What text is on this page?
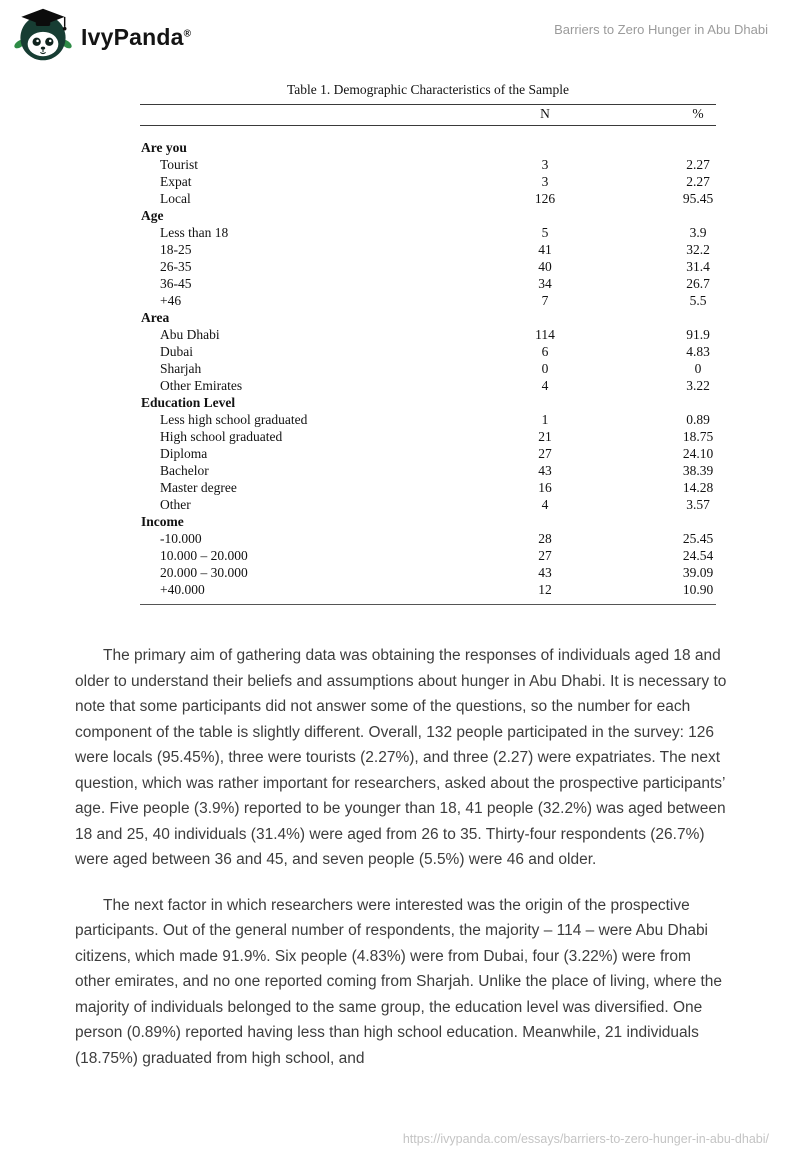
IvyPanda®	Barriers to Zero Hunger in Abu Dhabi
Table 1. Demographic Characteristics of the Sample
	N	%
Are you		
Tourist	3	2.27
Expat	3	2.27
Local	126	95.45
Age		
Less than 18	5	3.9
18-25	41	32.2
26-35	40	31.4
36-45	34	26.7
+46	7	5.5
Area		
Abu Dhabi	114	91.9
Dubai	6	4.83
Sharjah	0	0
Other Emirates	4	3.22
Education Level		
Less high school graduated	1	0.89
High school graduated	21	18.75
Diploma	27	24.10
Bachelor	43	38.39
Master degree	16	14.28
Other	4	3.57
Income		
-10.000	28	25.45
10.000 – 20.000	27	24.54
20.000 – 30.000	43	39.09
+40.000	12	10.90

The primary aim of gathering data was obtaining the responses of individuals aged 18 and older to understand their beliefs and assumptions about hunger in Abu Dhabi. It is necessary to note that some participants did not answer some of the questions, so the number for each component of the table is slightly different. Overall, 132 people participated in the survey: 126 were locals (95.45%), three were tourists (2.27%), and three (2.27) were expatriates. The next question, which was rather important for researchers, asked about the prospective participants’ age. Five people (3.9%) reported to be younger than 18, 41 people (32.2%) was aged between 18 and 25, 40 individuals (31.4%) were aged from 26 to 35. Thirty-four respondents (26.7%) were aged between 36 and 45, and seven people (5.5%) were 46 and older.

The next factor in which researchers were interested was the origin of the prospective participants. Out of the general number of respondents, the majority – 114 – were Abu Dhabi citizens, which made 91.9%. Six people (4.83%) were from Dubai, four (3.22%) were from other emirates, and no one reported coming from Sharjah. Unlike the place of living, where the majority of individuals belonged to the same group, the education level was diversified. One person (0.89%) reported having less than high school education. Meanwhile, 21 individuals (18.75%) graduated from high school, and

https://ivypanda.com/essays/barriers-to-zero-hunger-in-abu-dhabi/
